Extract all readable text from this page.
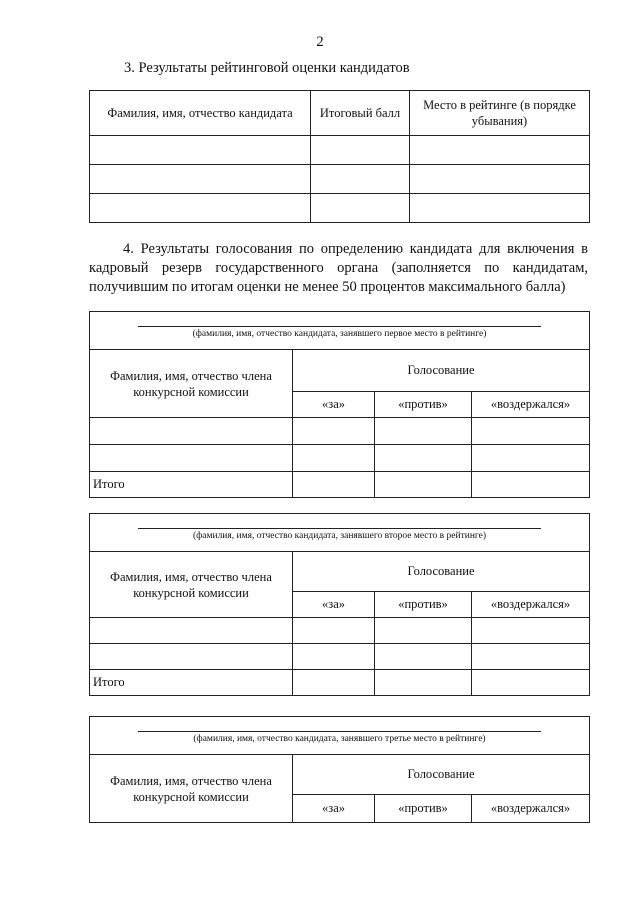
2
3. Результаты рейтинговой оценки кандидатов
Фамилия, имя, отчество кандидата	Итоговый балл	Место в рейтинге (в порядке убывания)

4. Результаты голосования по определению кандидата для включения в кадровый резерв государственного органа (заполняется по кандидатам, получившим по итогам оценки не менее 50 процентов максимального балла)
(фамилия, имя, отчество кандидата, занявшего первое место в рейтинге)			

Фамилия, имя, отчество члена конкурсной комиссии	Голосование		
	«за»	«против»	«воздержался»

Итого			
(фамилия, имя, отчество кандидата, занявшего второе место в рейтинге)			

Фамилия, имя, отчество члена конкурсной комиссии	Голосование		
	«за»	«против»	«воздержался»

Итого			
(фамилия, имя, отчество кандидата, занявшего третье место в рейтинге)			

Фамилия, имя, отчество члена конкурсной комиссии	Голосование		
	«за»	«против»	«воздержался»
